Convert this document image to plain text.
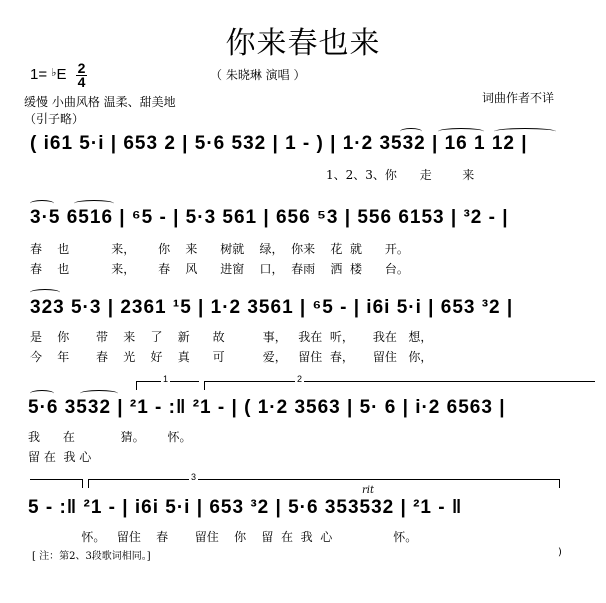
你来春也来
1= ♭E 2
4	（ 朱晓琳 演唱 ）
缓慢 小曲风格 温柔、甜美地
（引子略）
词曲作者不详
( i61 5·i | 653 2 | 5·6 532 | 1 - ) | 1·2 3532 | 16 1 12 |
1、2、3、你      走        来
3·5 6516 | ⁶5 - | 5·3 561 | 656 ⁵3 | 556 6153 | ³2 - |
春    也           来，      你    来      树就    绿，  你来    花  就      开。
春    也           来，      春    风      进窗    口，  春雨    洒  楼      台。
323 5·3 | 2361 ¹5 | 1·2 3561 | ⁶5 - | i6i 5·i | 653 ³2 |
是    你       带    来    了    新      故          事，   我在  听，     我在   想，
今    年       春    光    好    真      可          爱，   留住  春，     留住   你，
1	2
5·6 3532 | ²1 - :‖ ²1 - | ( 1·2 3563 | 5· 6 | i·2 6563 |
我      在            猜。      怀。
留 在  我 心
3
rit
5 - :‖ ²1 - | i6i 5·i | 653 ³2 | 5·6 353532 | ²1 - ‖
怀。   留住    春       留住    你    留  在  我  心                怀。
[ 注：第2、3段歌词相同。]	)
